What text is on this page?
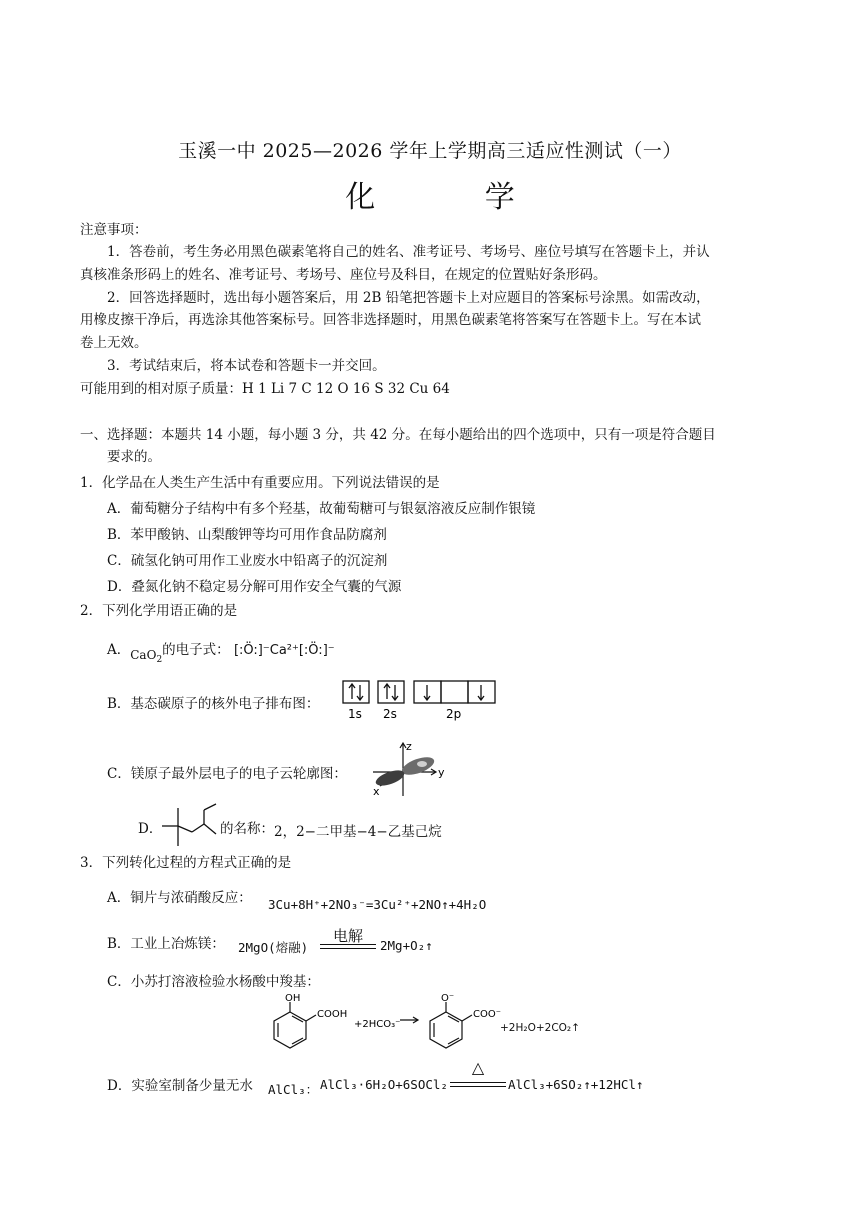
玉溪一中 2025—2026 学年上学期高三适应性测试（一）
化 学
注意事项：
1．答卷前，考生务必用黑色碳素笔将自己的姓名、准考证号、考场号、座位号填写在答题卡上，并认
真核准条形码上的姓名、准考证号、考场号、座位号及科目，在规定的位置贴好条形码。
2．回答选择题时，选出每小题答案后，用 2B 铅笔把答题卡上对应题目的答案标号涂黑。如需改动，
用橡皮擦干净后，再选涂其他答案标号。回答非选择题时，用黑色碳素笔将答案写在答题卡上。写在本试
卷上无效。
3．考试结束后，将本试卷和答题卡一并交回。
可能用到的相对原子质量：H 1 Li 7 C 12 O 16 S 32 Cu 64
一、选择题：本题共 14 小题，每小题 3 分，共 42 分。在每小题给出的四个选项中，只有一项是符合题目
要求的。
1．化学品在人类生产生活中有重要应用。下列说法错误的是
A．葡萄糖分子结构中有多个羟基，故葡萄糖可与银氨溶液反应制作银镜
B．苯甲酸钠、山梨酸钾等均可用作食品防腐剂
C．硫氢化钠可用作工业废水中铅离子的沉淀剂
D．叠氮化钠不稳定易分解可用作安全气囊的气源
2．下列化学用语正确的是
A．CaO$_2$的电子式： [:Ö:]⁻Ca²⁺[:Ö:]⁻
B．基态碳原子的核外电子排布图：
1s 2s	2p
C．镁原子最外层电子的电子云轮廓图：
z
y
x
D．	的名称：2，2−二甲基−4−乙基己烷
3．下列转化过程的方程式正确的是
A．铜片与浓硝酸反应： 3Cu+8H⁺+2NO₃⁻=3Cu²⁺+2NO↑+4H₂O
B．工业上冶炼镁： 2MgO(熔融)
电解
2Mg+O₂↑
C．小苏打溶液检验水杨酸中羧基：
OH
COOH
+2HCO₃⁻
O⁻
COO⁻
+2H₂O+2CO₂↑
D．实验室制备少量无水 AlCl₃： AlCl₃·6H₂O+6SOCl₂
△
AlCl₃+6SO₂↑+12HCl↑
